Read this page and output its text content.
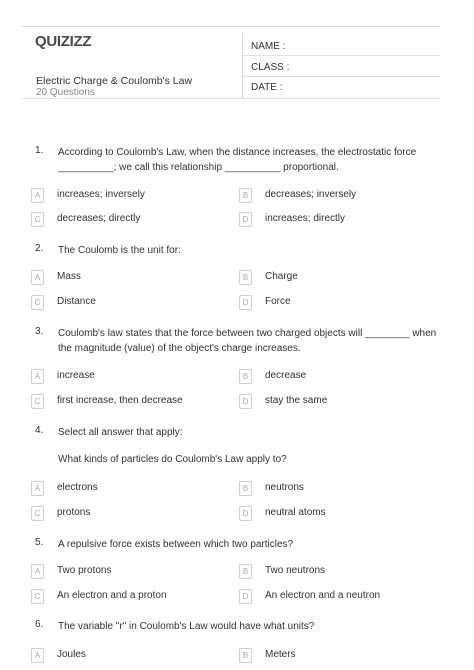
QUIZIZZ
Electric Charge & Coulomb's Law
20 Questions
NAME :
CLASS :
DATE :
1. According to Coulomb's Law, when the distance increases, the electrostatic force
__________; we call this relationship __________ proportional.
A	increases; inversely	B	decreases; inversely
C	decreases; directly	D	increases; directly
2. The Coulomb is the unit for:
A	Mass	B	Charge
C	Distance	D	Force
3. Coulomb's law states that the force between two charged objects will ________ when
the magnitude (value) of the object's charge increases.
A	increase	B	decrease
C	first increase, then decrease	D	stay the same
4. Select all answer that apply:
What kinds of particles do Coulomb's Law apply to?
A	electrons	B	neutrons
C	protons	D	neutral atoms
5. A repulsive force exists between which two particles?
A	Two protons	B	Two neutrons
C	An electron and a proton	D	An electron and a neutron
6. The variable "r" in Coulomb's Law would have what units?
A	Joules	B	Meters
